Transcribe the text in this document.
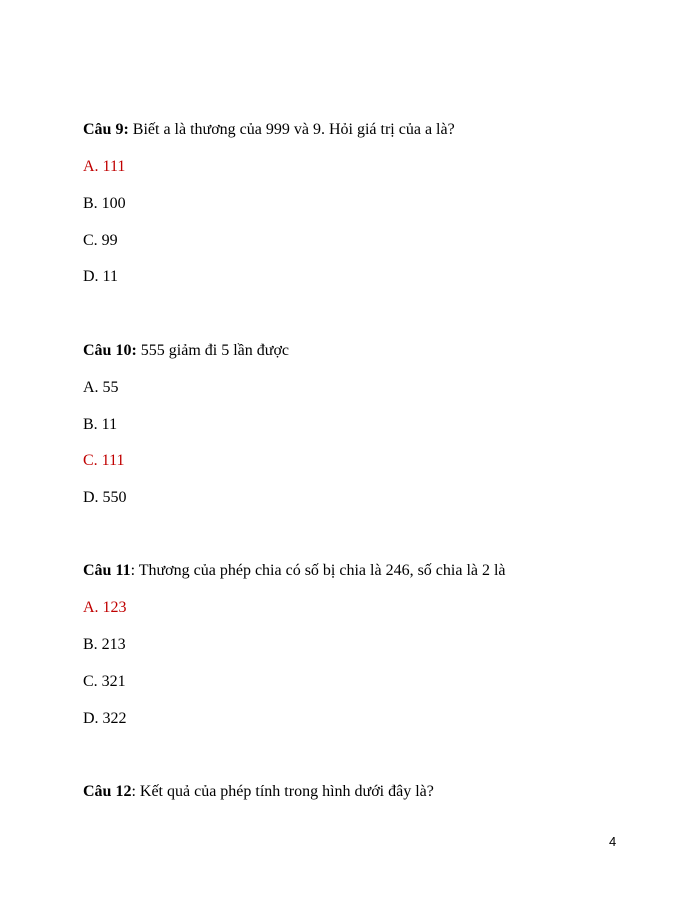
Câu 9: Biết a là thương của 999 và 9. Hỏi giá trị của a là?
A. 111
B. 100
C. 99
D. 11
Câu 10: 555 giảm đi 5 lần được
A. 55
B. 11
C. 111
D. 550
Câu 11: Thương của phép chia có số bị chia là 246, số chia là 2 là
A. 123
B. 213
C. 321
D. 322
Câu 12: Kết quả của phép tính trong hình dưới đây là?
4
